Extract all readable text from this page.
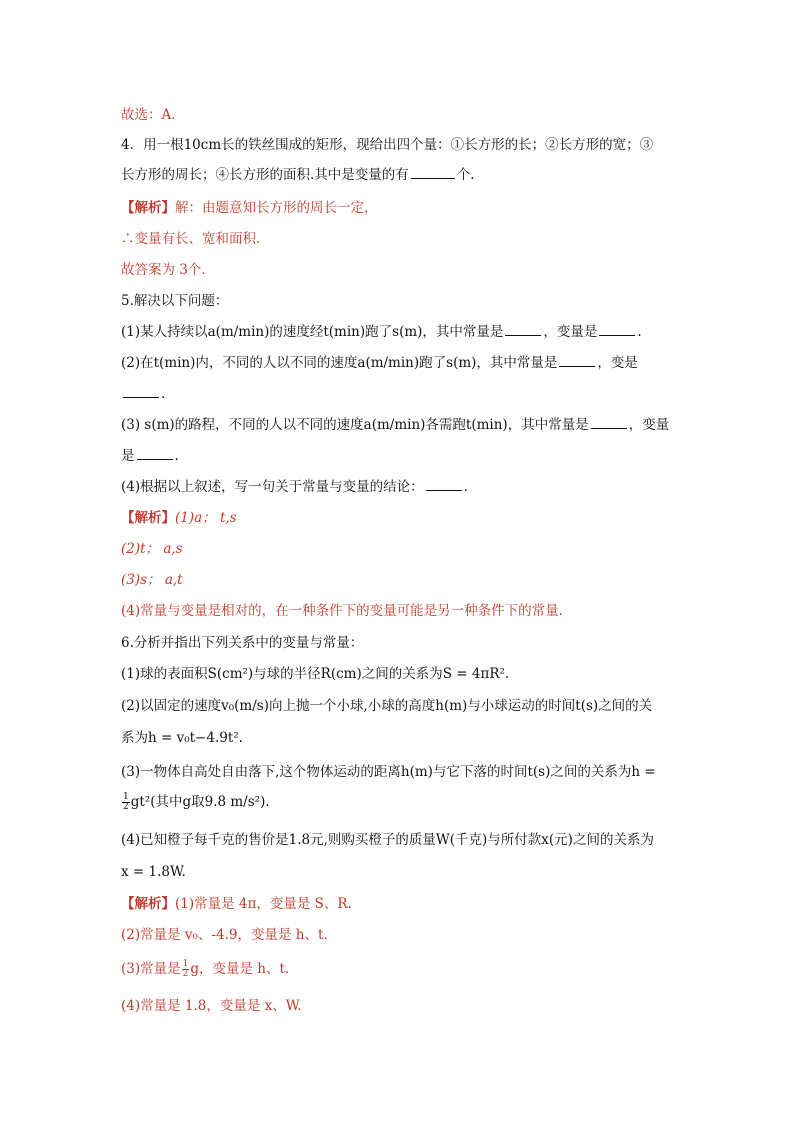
故选：A．
4．用一根10cm长的铁丝围成的矩形，现给出四个量：①长方形的长；②长方形的宽；③
长方形的周长；④长方形的面积.其中是变量的有	个.
【解析】解：由题意知长方形的周长一定，
∴变量有长、宽和面积．
故答案为 3个．
5.解决以下问题：
(1)某人持续以a(m/min)的速度经t(min)跑了s(m)，其中常量是	，变量是	.
(2)在t(min)内，不同的人以不同的速度a(m/min)跑了s(m)，其中常量是	，变是
.
(3) s(m)的路程，不同的人以不同的速度a(m/min)各需跑t(min)，其中常量是	，变量
是	.
(4)根据以上叙述，写一句关于常量与变量的结论：	.
【解析】(1)a； t,s
(2)t； a,s
(3)s； a,t
(4)常量与变量是相对的，在一种条件下的变量可能是另一种条件下的常量.
6.分析并指出下列关系中的变量与常量：
(1)球的表面积S(cm²)与球的半径R(cm)之间的关系为S = 4πR².
(2)以固定的速度v₀(m/s)向上抛一个小球,小球的高度h(m)与小球运动的时间t(s)之间的关
系为h = v₀t−4.9t².
(3)一物体自高处自由落下,这个物体运动的距离h(m)与它下落的时间t(s)之间的关系为h =
$\frac{1}{2} gt^2$(其中g取9.8 m/s²).
(4)已知橙子每千克的售价是1.8元,则购买橙子的质量W(千克)与所付款x(元)之间的关系为
x = 1.8W.
【解析】(1)常量是 4π，变量是 S、R.
(2)常量是 v₀、-4.9，变量是 h、t.
(3)常量是 $\frac{1}{2}$ g，变量是 h、t.
(4)常量是 1.8，变量是 x、W.
